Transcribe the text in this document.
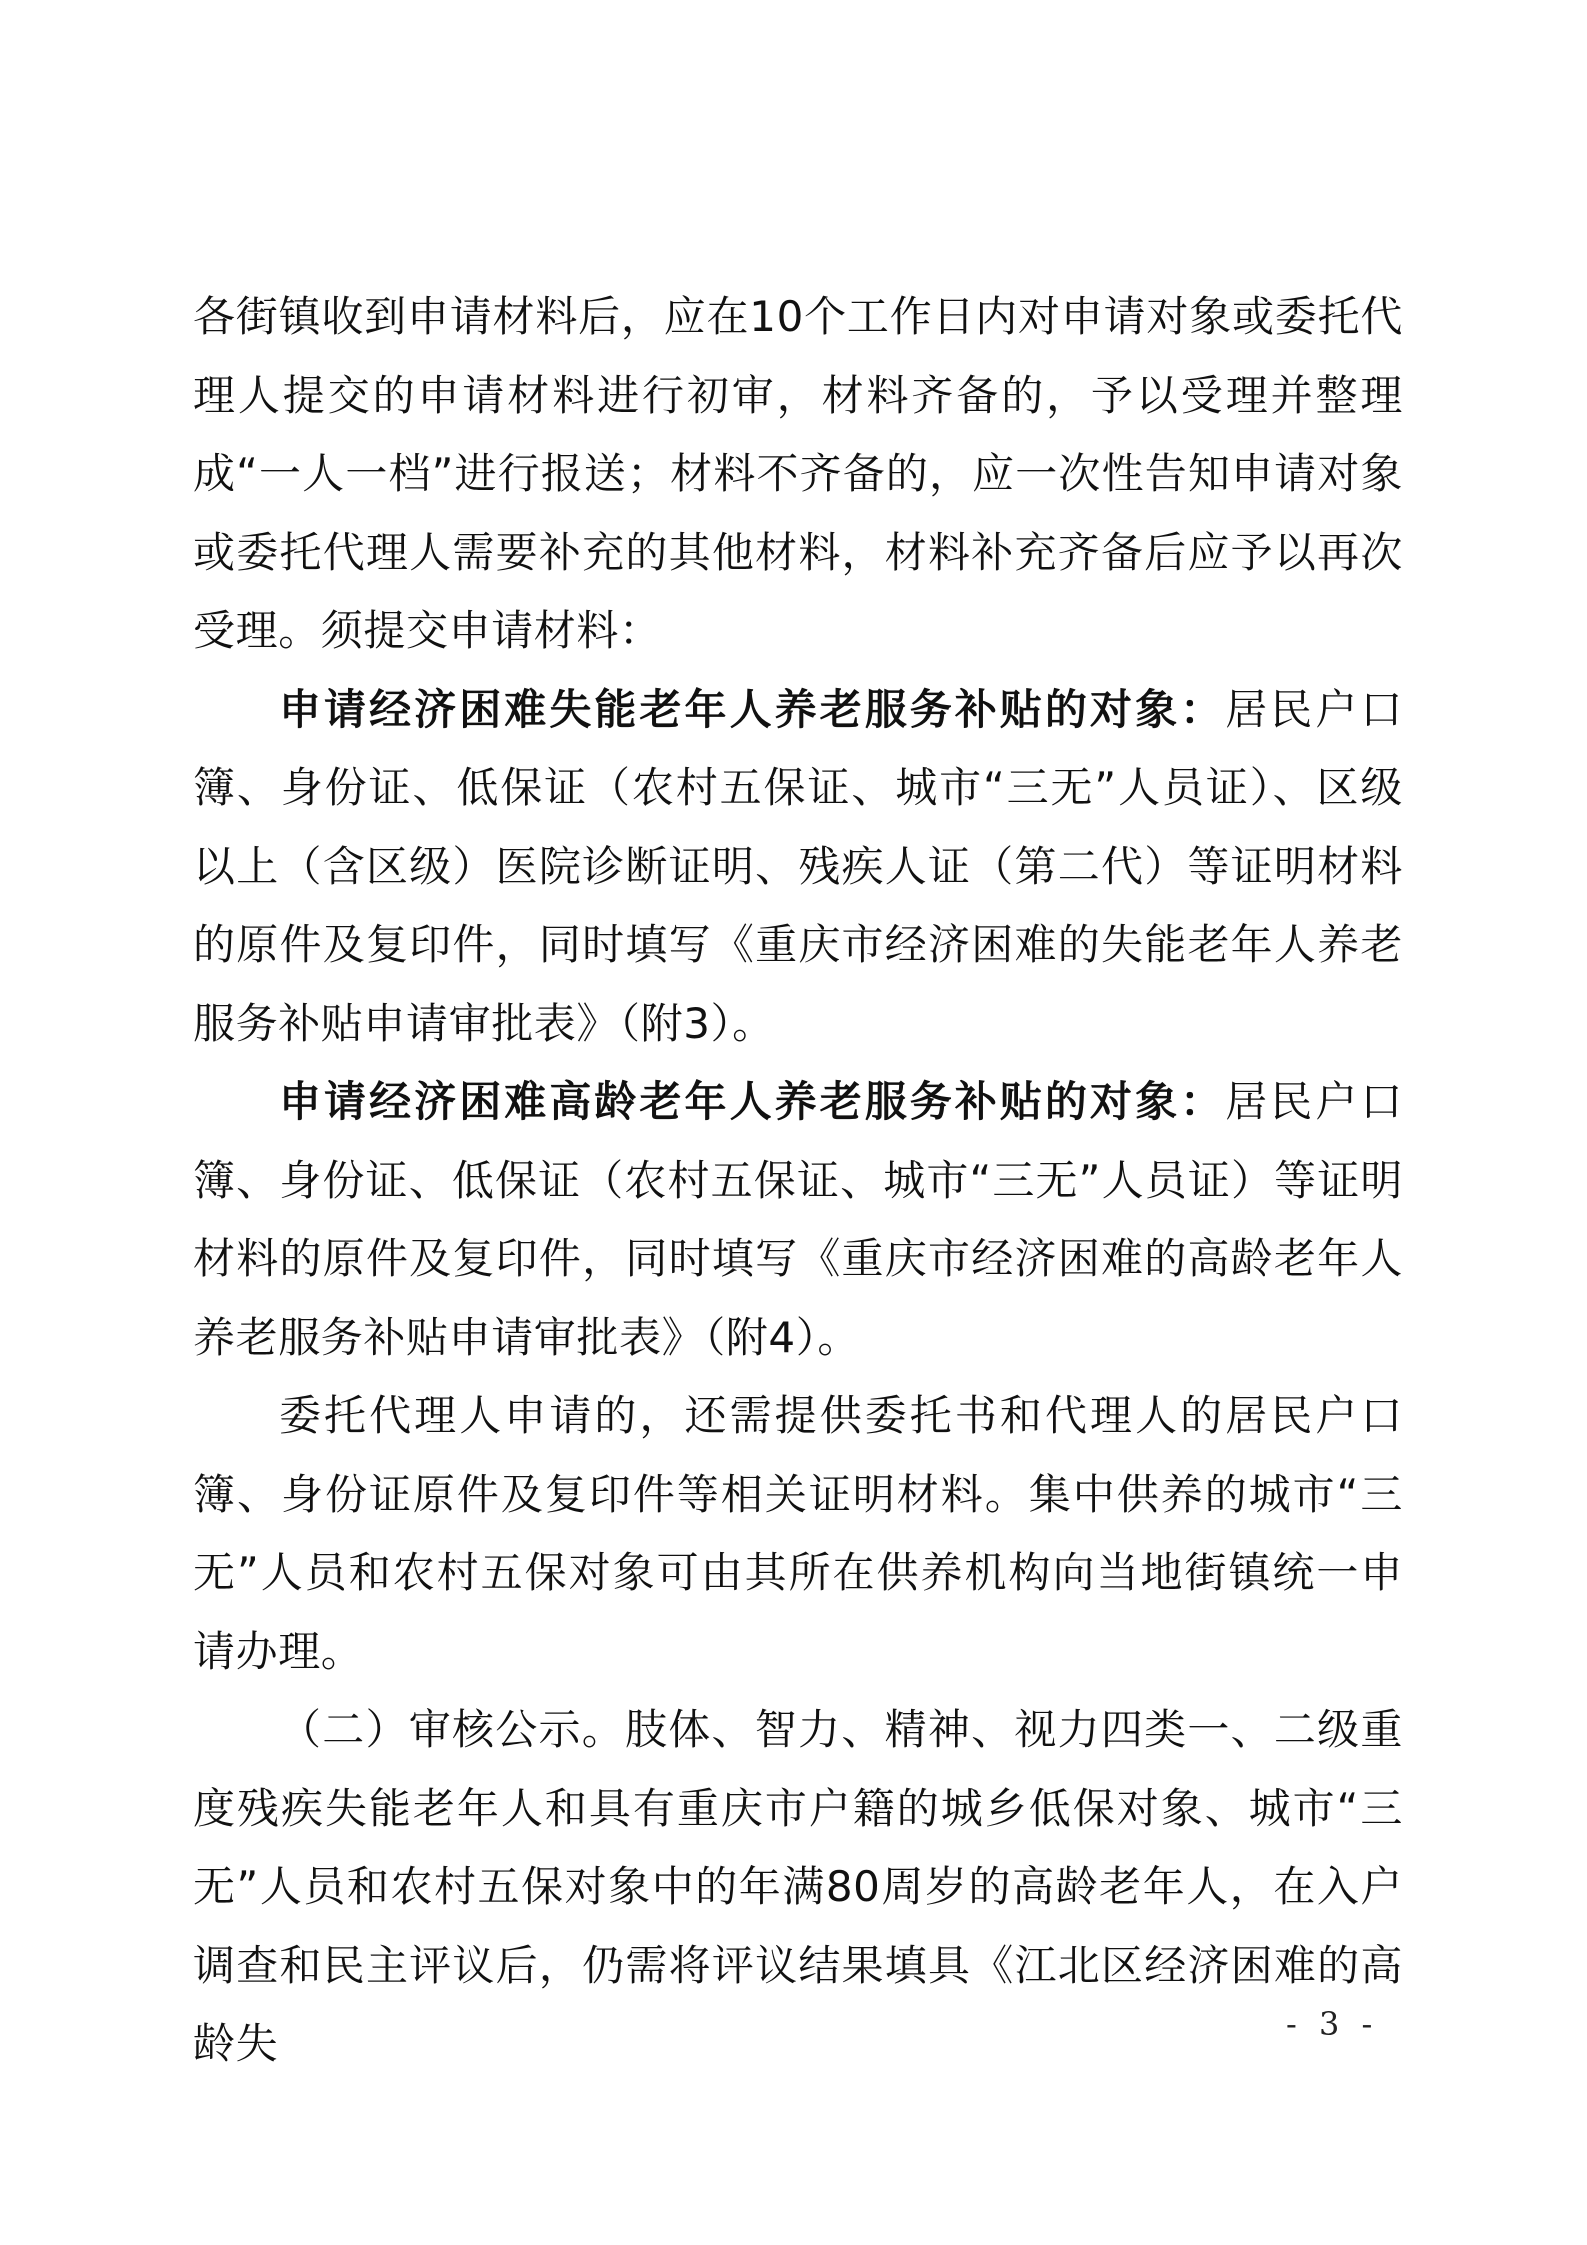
各街镇收到申请材料后，应在10个工作日内对申请对象或委托代理人提交的申请材料进行初审，材料齐备的，予以受理并整理成“一人一档”进行报送；材料不齐备的，应一次性告知申请对象或委托代理人需要补充的其他材料，材料补充齐备后应予以再次受理。须提交申请材料：

申请经济困难失能老年人养老服务补贴的对象：居民户口簿、身份证、低保证（农村五保证、城市“三无”人员证）、区级以上（含区级）医院诊断证明、残疾人证（第二代）等证明材料的原件及复印件，同时填写《重庆市经济困难的失能老年人养老服务补贴申请审批表》（附3）。

申请经济困难高龄老年人养老服务补贴的对象：居民户口簿、身份证、低保证（农村五保证、城市“三无”人员证）等证明材料的原件及复印件，同时填写《重庆市经济困难的高龄老年人养老服务补贴申请审批表》（附4）。

委托代理人申请的，还需提供委托书和代理人的居民户口簿、身份证原件及复印件等相关证明材料。集中供养的城市“三无”人员和农村五保对象可由其所在供养机构向当地街镇统一申请办理。

（二）审核公示。肢体、智力、精神、视力四类一、二级重度残疾失能老年人和具有重庆市户籍的城乡低保对象、城市“三无”人员和农村五保对象中的年满80周岁的高龄老年人，在入户调查和民主评议后，仍需将评议结果填具《江北区经济困难的高龄失	- 3 -
